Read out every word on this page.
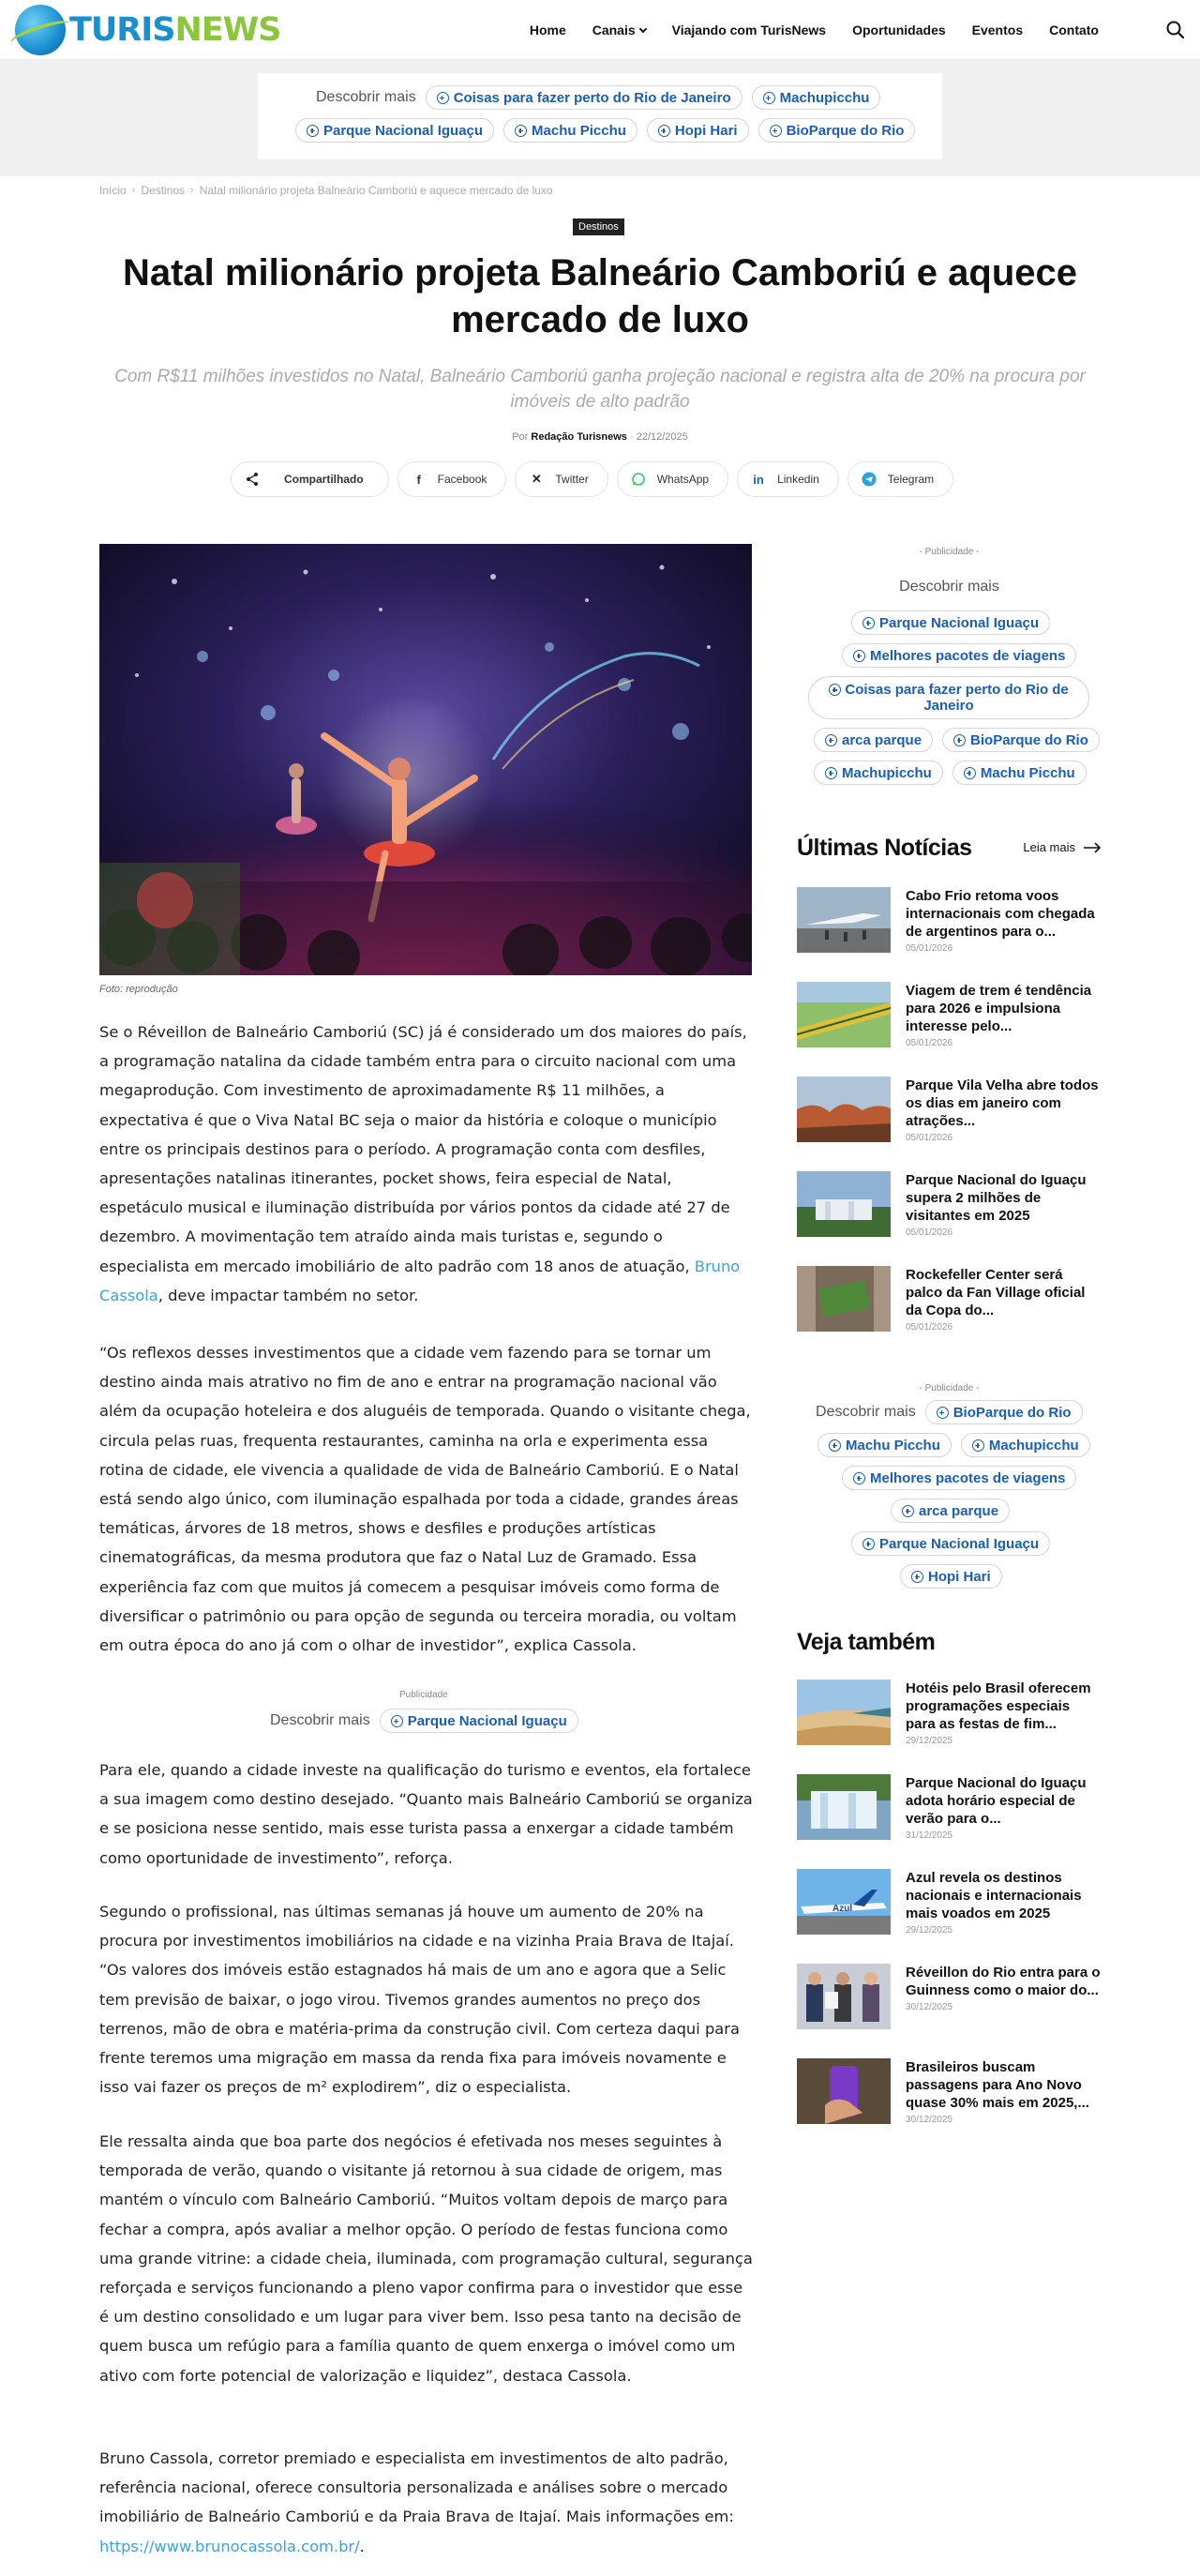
TURISNEWS	Home Canais	Viajando com TurisNews Oportunidades Eventos Contato
Descobrir mais	Coisas para fazer perto do Rio de Janeiro	Machupicchu
Parque Nacional Iguaçu	Machu Picchu	Hopi Hari	BioParque do Rio
Início › Destinos › Natal milionário projeta Balneário Camboriú e aquece mercado de luxo
Destinos
Natal milionário projeta Balneário Camboriú e aquece mercado de luxo
Com R$11 milhões investidos no Natal, Balneário Camboriú ganha projeção nacional e registra alta de 20% na procura por imóveis de alto padrão
Por Redação Turisnews - 22/12/2025
Compartilhado	f	Facebook	✕ Twitter	WhatsApp	in Linkedin	Telegram
Foto: reprodução

Se o Réveillon de Balneário Camboriú (SC) já é considerado um dos maiores do país, a programação natalina da cidade também entra para o circuito nacional com uma megaprodução. Com investimento de aproximadamente R$ 11 milhões, a expectativa é que o Viva Natal BC seja o maior da história e coloque o município entre os principais destinos para o período. A programação conta com desfiles, apresentações natalinas itinerantes, pocket shows, feira especial de Natal, espetáculo musical e iluminação distribuída por vários pontos da cidade até 27 de dezembro. A movimentação tem atraído ainda mais turistas e, segundo o especialista em mercado imobiliário de alto padrão com 18 anos de atuação, Bruno Cassola, deve impactar também no setor.

“Os reflexos desses investimentos que a cidade vem fazendo para se tornar um destino ainda mais atrativo no fim de ano e entrar na programação nacional vão além da ocupação hoteleira e dos aluguéis de temporada. Quando o visitante chega, circula pelas ruas, frequenta restaurantes, caminha na orla e experimenta essa rotina de cidade, ele vivencia a qualidade de vida de Balneário Camboriú. E o Natal está sendo algo único, com iluminação espalhada por toda a cidade, grandes áreas temáticas, árvores de 18 metros, shows e desfiles e produções artísticas cinematográficas, da mesma produtora que faz o Natal Luz de Gramado. Essa experiência faz com que muitos já comecem a pesquisar imóveis como forma de diversificar o patrimônio ou para opção de segunda ou terceira moradia, ou voltam em outra época do ano já com o olhar de investidor”, explica Cassola.

Publicidade
Descobrir mais	Parque Nacional Iguaçu

Para ele, quando a cidade investe na qualificação do turismo e eventos, ela fortalece a sua imagem como destino desejado. “Quanto mais Balneário Camboriú se organiza e se posiciona nesse sentido, mais esse turista passa a enxergar a cidade também como oportunidade de investimento”, reforça.

Segundo o profissional, nas últimas semanas já houve um aumento de 20% na procura por investimentos imobiliários na cidade e na vizinha Praia Brava de Itajaí. “Os valores dos imóveis estão estagnados há mais de um ano e agora que a Selic tem previsão de baixar, o jogo virou. Tivemos grandes aumentos no preço dos terrenos, mão de obra e matéria-prima da construção civil. Com certeza daqui para frente teremos uma migração em massa da renda fixa para imóveis novamente e isso vai fazer os preços de m² explodirem”, diz o especialista.

Ele ressalta ainda que boa parte dos negócios é efetivada nos meses seguintes à temporada de verão, quando o visitante já retornou à sua cidade de origem, mas mantém o vínculo com Balneário Camboriú. “Muitos voltam depois de março para fechar a compra, após avaliar a melhor opção. O período de festas funciona como uma grande vitrine: a cidade cheia, iluminada, com programação cultural, segurança reforçada e serviços funcionando a pleno vapor confirma para o investidor que esse é um destino consolidado e um lugar para viver bem. Isso pesa tanto na decisão de quem busca um refúgio para a família quanto de quem enxerga o imóvel como um ativo com forte potencial de valorização e liquidez”, destaca Cassola.

Bruno Cassola, corretor premiado e especialista em investimentos de alto padrão, referência nacional, oferece consultoria personalizada e análises sobre o mercado imobiliário de Balneário Camboriú e da Praia Brava de Itajaí. Mais informações em: https://www.brunocassola.com.br/.

- Publicidade -
Descobrir mais
Parque Nacional Iguaçu
Melhores pacotes de viagens
Coisas para fazer perto do Rio de Janeiro
arca parque	BioParque do Rio
Machupicchu	Machu Picchu
Últimas Notícias	Leia mais
Cabo Frio retoma voos internacionais com chegada de argentinos para o...
05/01/2026
Viagem de trem é tendência para 2026 e impulsiona interesse pelo...
05/01/2026
Parque Vila Velha abre todos os dias em janeiro com atrações...
05/01/2026
Parque Nacional do Iguaçu supera 2 milhões de visitantes em 2025
05/01/2026
Rockefeller Center será palco da Fan Village oficial da Copa do...
05/01/2026
- Publicidade -
Descobrir mais	BioParque do Rio
Machu Picchu	Machupicchu
Melhores pacotes de viagens
arca parque
Parque Nacional Iguaçu
Hopi Hari
Veja também
Hotéis pelo Brasil oferecem programações especiais para as festas de fim...
29/12/2025
Parque Nacional do Iguaçu adota horário especial de verão para o...
31/12/2025
Azul
Azul revela os destinos nacionais e internacionais mais voados em 2025
29/12/2025
Réveillon do Rio entra para o Guinness como o maior do...
30/12/2025
Brasileiros buscam passagens para Ano Novo quase 30% mais em 2025,...
30/12/2025
